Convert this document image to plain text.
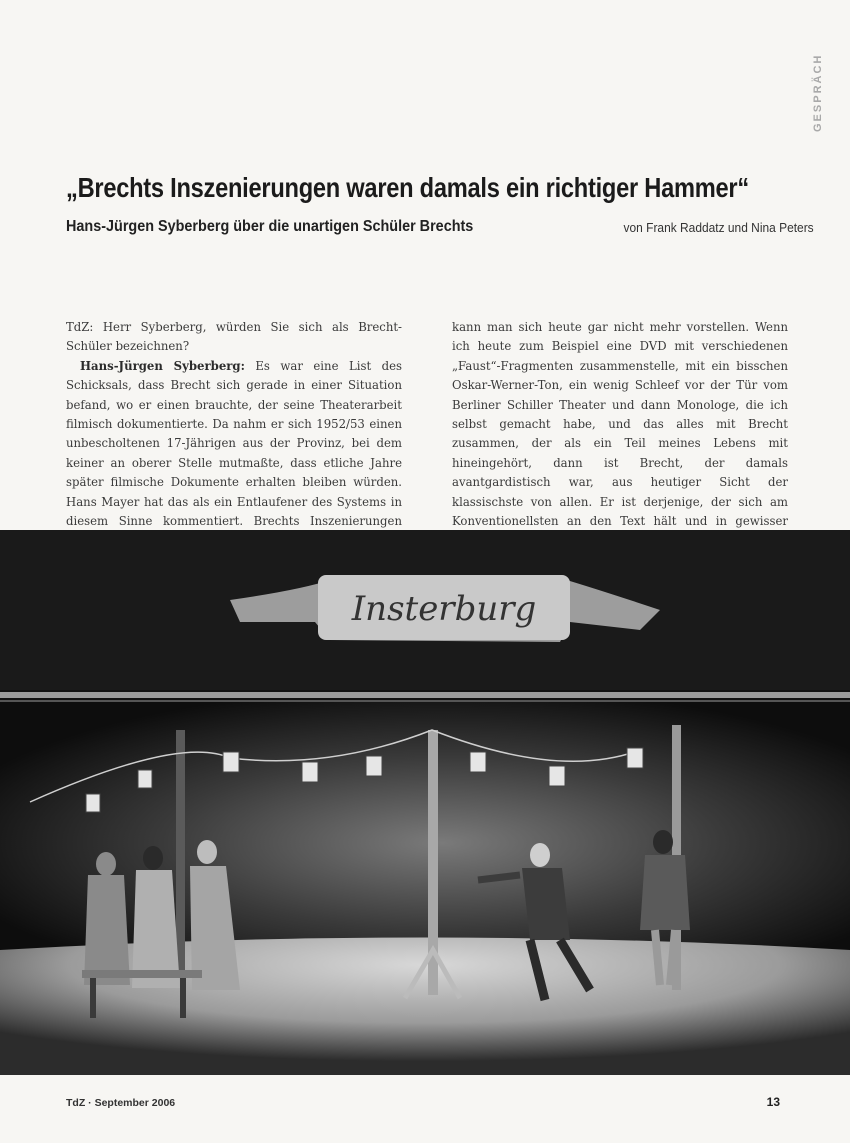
GESPRÄCH
„Brechts Inszenierungen waren damals ein richtiger Hammer“
Hans-Jürgen Syberberg über die unartigen Schüler Brechts	von Frank Raddatz und Nina Peters

TdZ: Herr Syberberg, würden Sie sich als Brecht-Schüler bezeichnen?

Hans-Jürgen Syberberg: Es war eine List des Schicksals, dass Brecht sich gerade in einer Situation befand, wo er einen brauchte, der seine Theaterarbeit filmisch dokumentierte. Da nahm er sich 1952/53 einen unbescholtenen 17-Jährigen aus der Provinz, bei dem keiner an oberer Stelle mutmaßte, dass etliche Jahre später filmische Dokumente erhalten bleiben würden. Hans Mayer hat das als ein Entlaufener des Systems in diesem Sinne kommentiert. Brechts Inszenierungen

kann man sich heute gar nicht mehr vorstellen. Wenn ich heute zum Beispiel eine DVD mit verschiedenen „Faust“-Fragmenten zusammenstelle, mit ein bisschen Oskar-Werner-Ton, ein wenig Schleef vor der Tür vom Berliner Schiller Theater und dann Monologe, die ich selbst gemacht habe, und das alles mit Brecht zusammen, der als ein Teil meines Lebens mit hineingehört, dann ist Brecht, der damals avantgardistisch war, aus heutiger Sicht der klassischste von allen. Er ist derjenige, der sich am Konventionellsten an den Text hält und in gewisser

Insterburg
TdZ · September 2006	13
